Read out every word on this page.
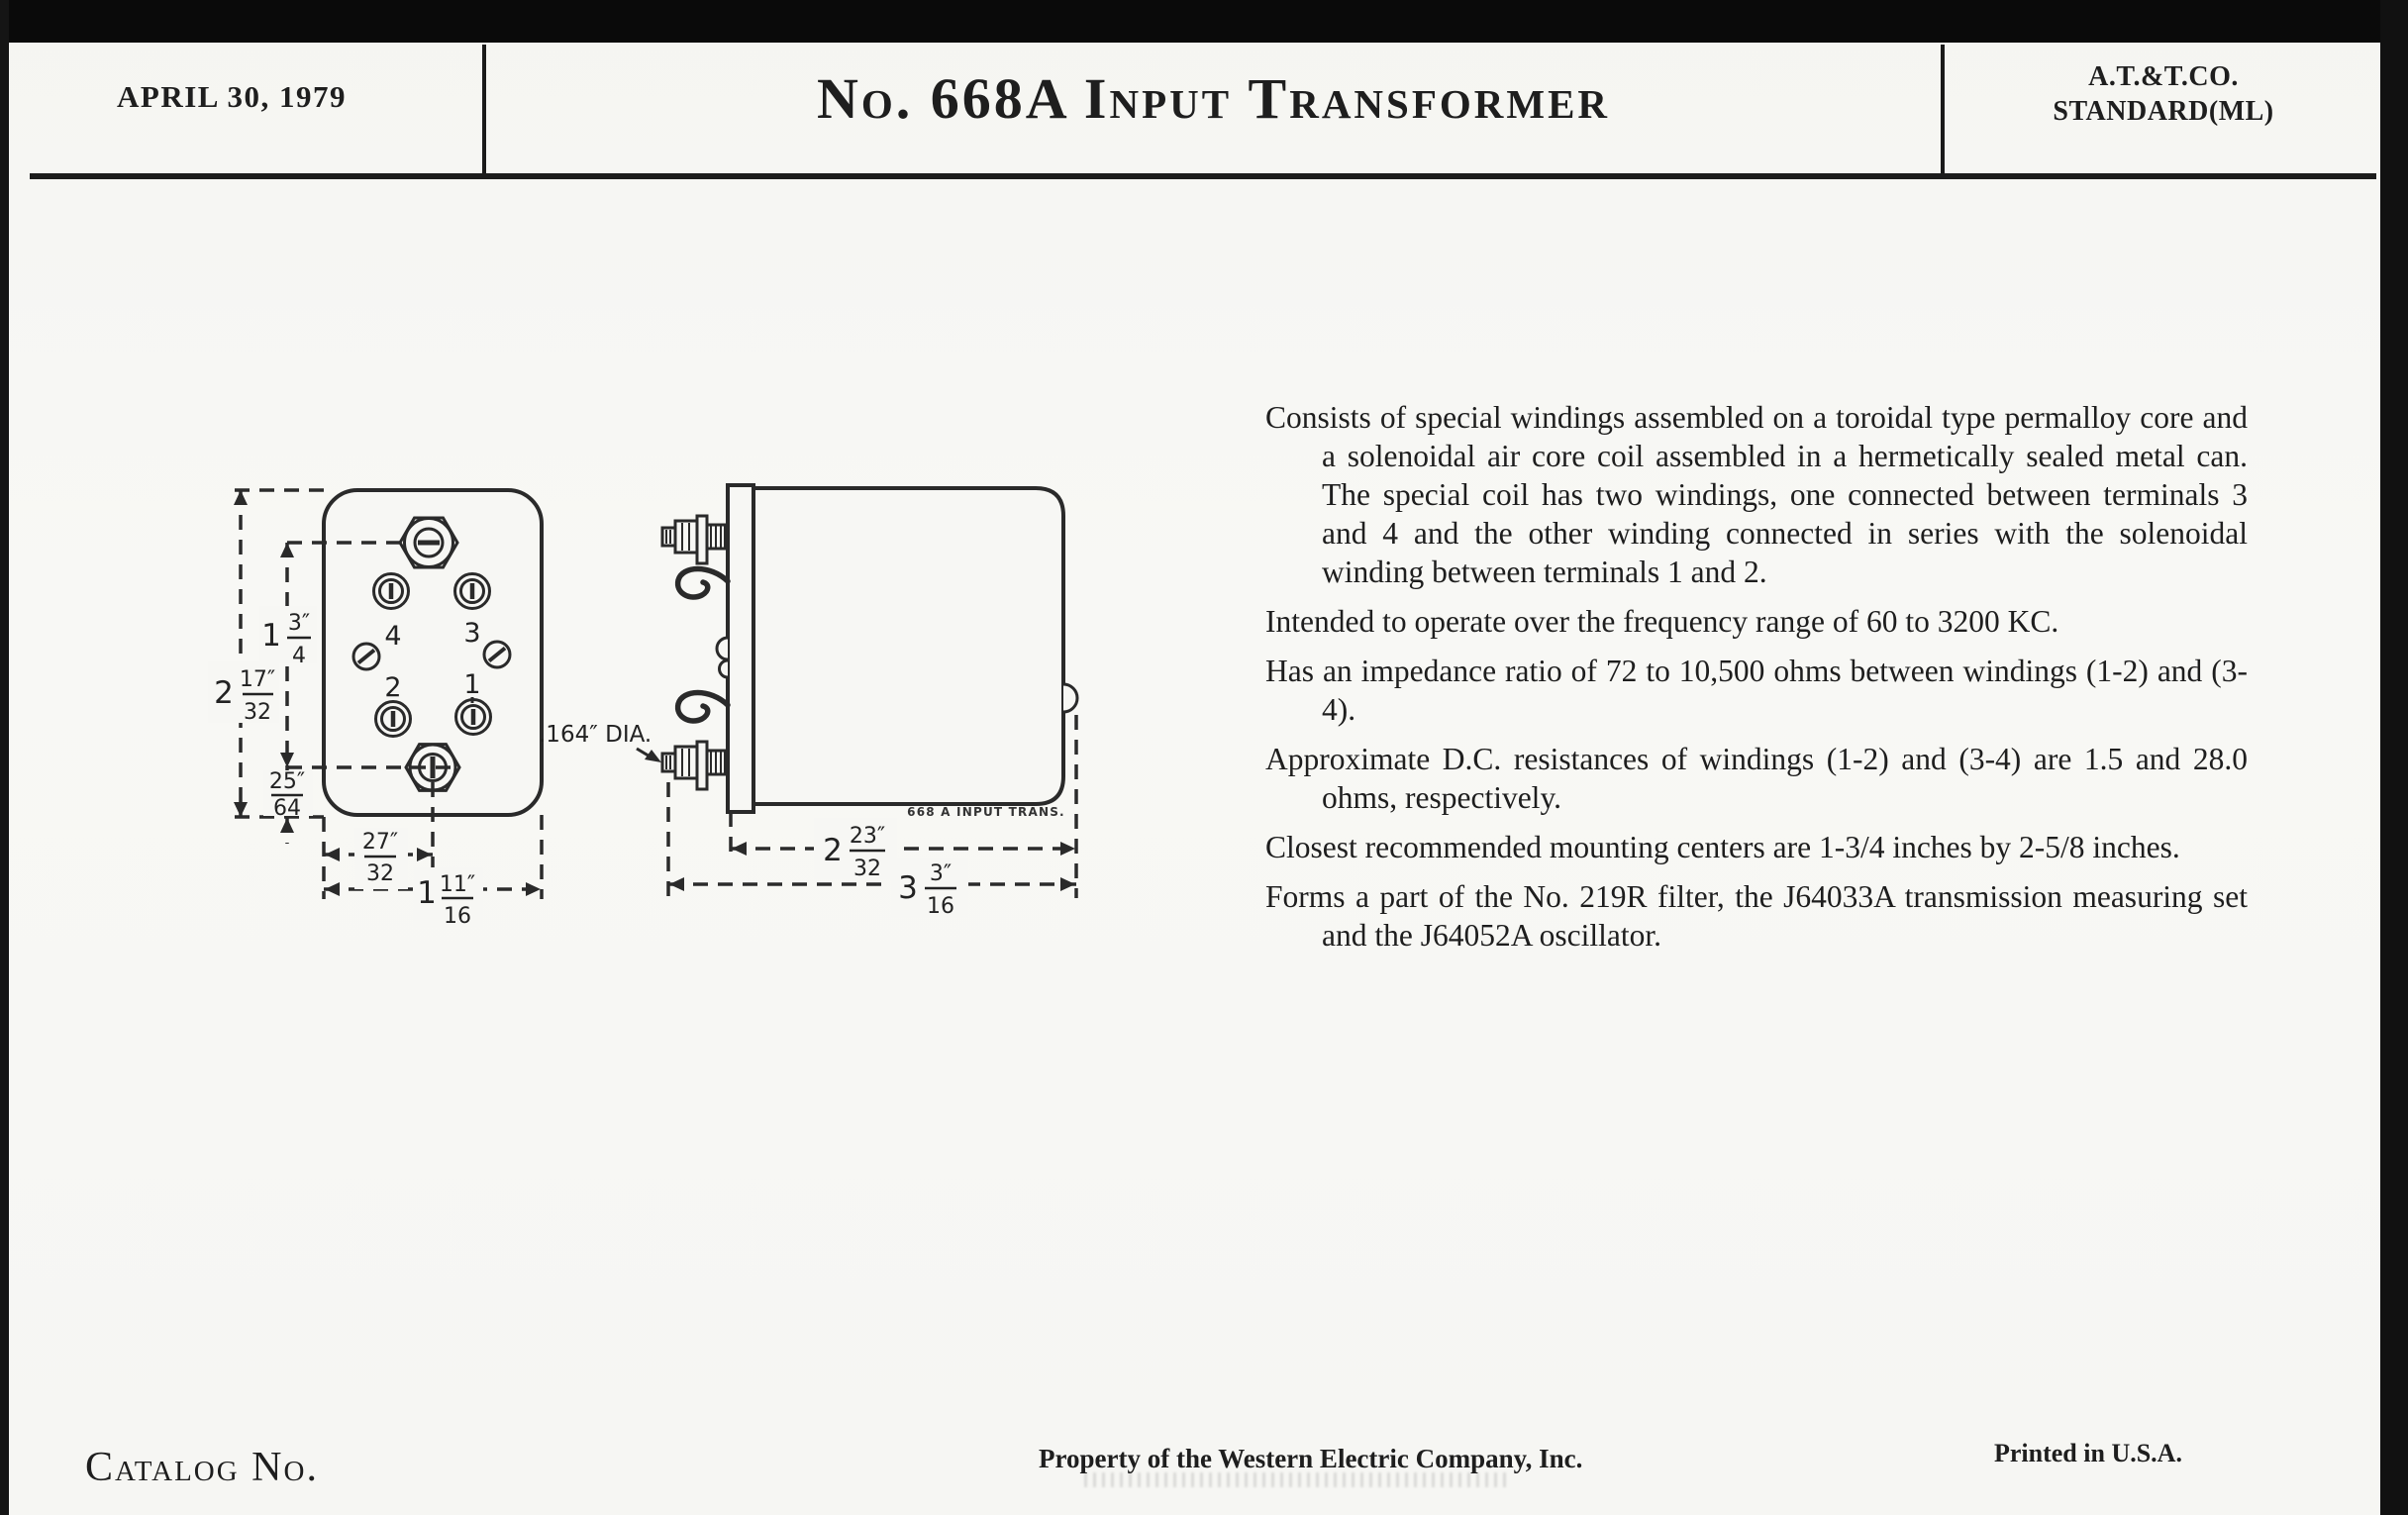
APRIL 30, 1979	No. 668A Input Transformer	A.T.&T.CO.
STANDARD(ML)
4 3
2 1
2 17″
32
1 3″
4
25″
64
27″
32
1 11″
16
.164″ DIA.
668 A INPUT TRANS.
2 23″
32
3 3″
16

Consists of special windings assembled on a toroidal type permalloy core and a solenoidal air core coil assembled in a hermetically sealed metal can. The special coil has two windings, one connected between terminals 3 and 4 and the other winding connected in series with the solenoidal winding between terminals 1 and 2.

Intended to operate over the frequency range of 60 to 3200 KC.

Has an impedance ratio of 72 to 10,500 ohms between windings (1-2) and (3-4).

Approximate D.C. resistances of windings (1-2) and (3-4) are 1.5 and 28.0 ohms, respectively.

Closest recommended mounting centers are 1-3/4 inches by 2-5/8 inches.

Forms a part of the No. 219R filter, the J64033A transmission measuring set and the J64052A oscillator.

Catalog No.	Property of the Western Electric Company, Inc.	Printed in U.S.A.
